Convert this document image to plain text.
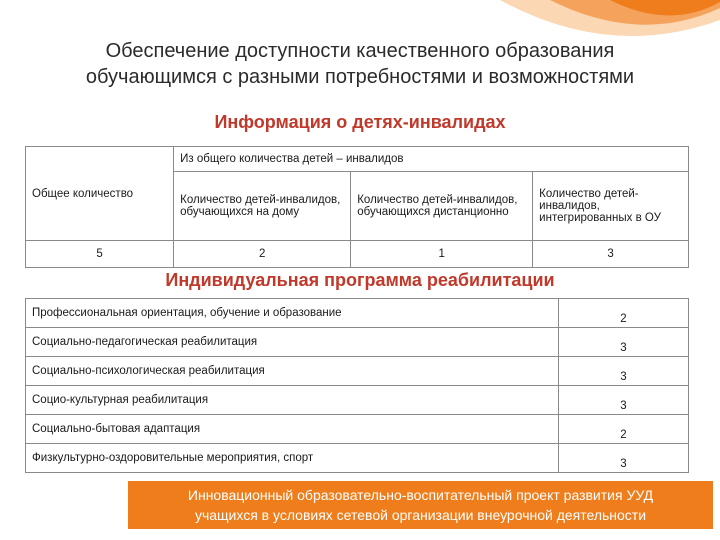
Обеспечение доступности качественного образования
обучающимся с разными потребностями и возможностями
Информация о детях-инвалидах
Общее количество	Из общего количества детей – инвалидов		
	Количество детей-инвалидов, обучающихся на дому	Количество детей-инвалидов, обучающихся дистанционно	Количество детей-инвалидов, интегрированных в ОУ
5	2	1	3
Индивидуальная программа реабилитации
Профессиональная ориентация, обучение и образование	2
Социально-педагогическая реабилитация	3
Социально-психологическая реабилитация	3
Социо-культурная реабилитация	3
Социально-бытовая адаптация	2
Физкультурно-оздоровительные мероприятия, спорт	3
Инновационный образовательно-воспитательный проект развития УУД
учащихся в условиях сетевой организации внеурочной деятельности
